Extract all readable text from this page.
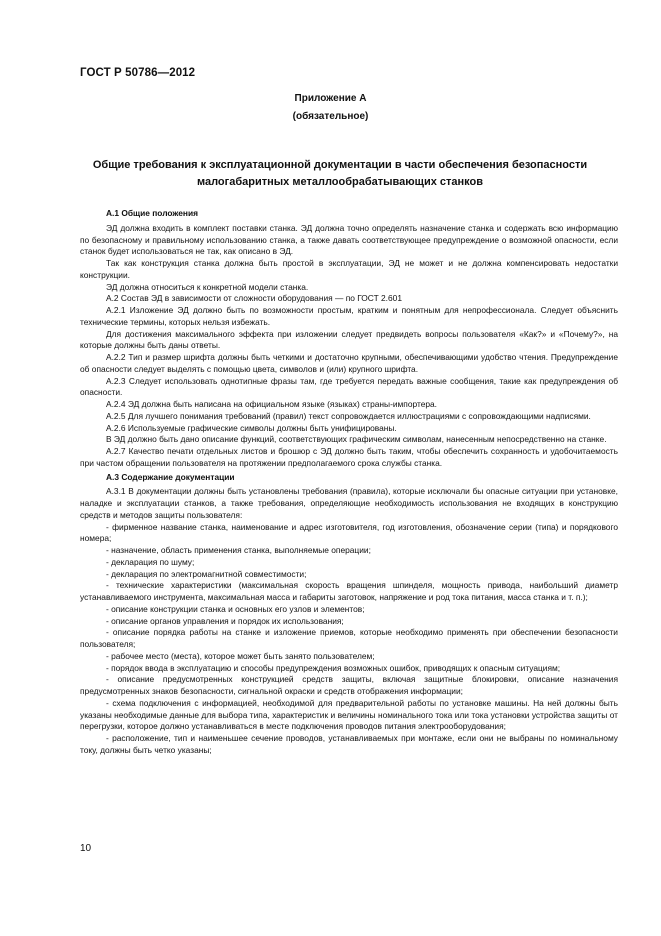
ГОСТ Р 50786—2012
Приложение А
(обязательное)
Общие требования к эксплуатационной документации в части обеспечения безопасности малогабаритных металлообрабатывающих станков

А.1 Общие положения

ЭД должна входить в комплект поставки станка. ЭД должна точно определять назначение станка и содержать всю информацию по безопасному и правильному использованию станка, а также давать соответствующее предупреждение о возможной опасности, если станок будет использоваться не так, как описано в ЭД.

Так как конструкция станка должна быть простой в эксплуатации, ЭД не может и не должна компенсировать недостатки конструкции.

ЭД должна относиться к конкретной модели станка.

А.2 Состав ЭД в зависимости от сложности оборудования — по ГОСТ 2.601

А.2.1 Изложение ЭД должно быть по возможности простым, кратким и понятным для непрофессионала. Следует объяснить технические термины, которых нельзя избежать.

Для достижения максимального эффекта при изложении следует предвидеть вопросы пользователя «Как?» и «Почему?», на которые должны быть даны ответы.

А.2.2 Тип и размер шрифта должны быть четкими и достаточно крупными, обеспечивающими удобство чтения. Предупреждение об опасности следует выделять с помощью цвета, символов и (или) крупного шрифта.

А.2.3 Следует использовать однотипные фразы там, где требуется передать важные сообщения, такие как предупреждения об опасности.

А.2.4 ЭД должна быть написана на официальном языке (языках) страны-импортера.

А.2.5 Для лучшего понимания требований (правил) текст сопровождается иллюстрациями с сопровождающими надписями.

А.2.6 Используемые графические символы должны быть унифицированы.

В ЭД должно быть дано описание функций, соответствующих графическим символам, нанесенным непосредственно на станке.

А.2.7 Качество печати отдельных листов и брошюр с ЭД должно быть таким, чтобы обеспечить сохранность и удобочитаемость при частом обращении пользователя на протяжении предполагаемого срока службы станка.

А.3 Содержание документации

А.3.1 В документации должны быть установлены требования (правила), которые исключали бы опасные ситуации при установке, наладке и эксплуатации станков, а также требования, определяющие необходимость использования не входящих в конструкцию средств и методов защиты пользователя:

- фирменное название станка, наименование и адрес изготовителя, год изготовления, обозначение серии (типа) и порядкового номера;

- назначение, область применения станка, выполняемые операции;

- декларация по шуму;

- декларация по электромагнитной совместимости;

- технические характеристики (максимальная скорость вращения шпинделя, мощность привода, наибольший диаметр устанавливаемого инструмента, максимальная масса и габариты заготовок, напряжение и род тока питания, масса станка и т. п.);

- описание конструкции станка и основных его узлов и элементов;

- описание органов управления и порядок их использования;

- описание порядка работы на станке и изложение приемов, которые необходимо применять при обеспечении безопасности пользователя;

- рабочее место (места), которое может быть занято пользователем;

- порядок ввода в эксплуатацию и способы предупреждения возможных ошибок, приводящих к опасным ситуациям;

- описание предусмотренных конструкцией средств защиты, включая защитные блокировки, описание назначения предусмотренных знаков безопасности, сигнальной окраски и средств отображения информации;

- схема подключения с информацией, необходимой для предварительной работы по установке машины. На ней должны быть указаны необходимые данные для выбора типа, характеристик и величины номинального тока или тока установки устройства защиты от перегрузки, которое должно устанавливаться в месте подключения проводов питания электрооборудования;

- расположение, тип и наименьшее сечение проводов, устанавливаемых при монтаже, если они не выбраны по номинальному току, должны быть четко указаны;

10
